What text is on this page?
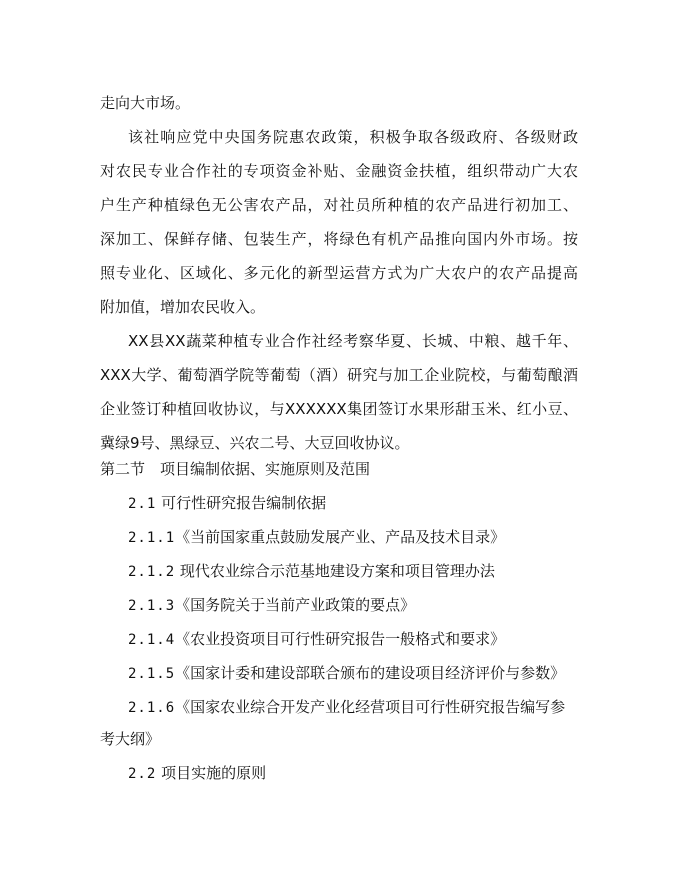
走向大市场。
该社响应党中央国务院惠农政策，积极争取各级政府、各级财政
对农民专业合作社的专项资金补贴、金融资金扶植，组织带动广大农
户生产种植绿色无公害农产品，对社员所种植的农产品进行初加工、
深加工、保鲜存储、包装生产，将绿色有机产品推向国内外市场。按
照专业化、区域化、多元化的新型运营方式为广大农户的农产品提高
附加值，增加农民收入。
XX县XX蔬菜种植专业合作社经考察华夏、长城、中粮、越千年、
XXX大学、葡萄酒学院等葡萄（酒）研究与加工企业院校，与葡萄酿酒
企业签订种植回收协议，与XXXXXX集团签订水果形甜玉米、红小豆、
冀绿9号、黑绿豆、兴农二号、大豆回收协议。
第二节　项目编制依据、实施原则及范围
2.1 可行性研究报告编制依据
2.1.1《当前国家重点鼓励发展产业、产品及技术目录》
2.1.2 现代农业综合示范基地建设方案和项目管理办法
2.1.3《国务院关于当前产业政策的要点》
2.1.4《农业投资项目可行性研究报告一般格式和要求》
2.1.5《国家计委和建设部联合颁布的建设项目经济评价与参数》
2.1.6《国家农业综合开发产业化经营项目可行性研究报告编写参
考大纲》
2.2 项目实施的原则
